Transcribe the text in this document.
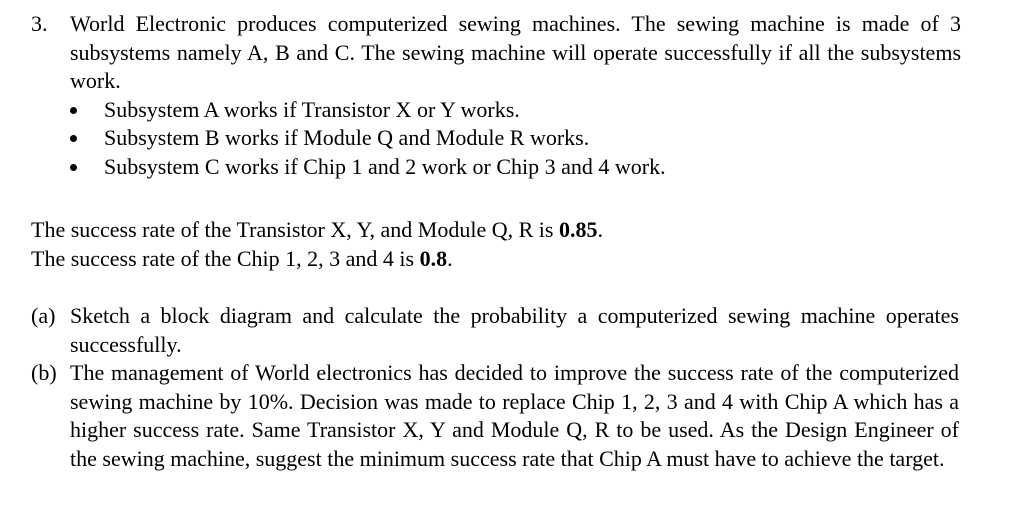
3. World Electronic produces computerized sewing machines. The sewing machine is made of 3 subsystems namely A, B and C. The sewing machine will operate successfully if all the subsystems work.
Subsystem A works if Transistor X or Y works.
Subsystem B works if Module Q and Module R works.
Subsystem C works if Chip 1 and 2 work or Chip 3 and 4 work.
The success rate of the Transistor X, Y, and Module Q, R is 0.85.
The success rate of the Chip 1, 2, 3 and 4 is 0.8.
(a) Sketch a block diagram and calculate the probability a computerized sewing machine operates successfully.
(b) The management of World electronics has decided to improve the success rate of the computerized sewing machine by 10%. Decision was made to replace Chip 1, 2, 3 and 4 with Chip A which has a higher success rate. Same Transistor X, Y and Module Q, R to be used. As the Design Engineer of the sewing machine, suggest the minimum success rate that Chip A must have to achieve the target.
